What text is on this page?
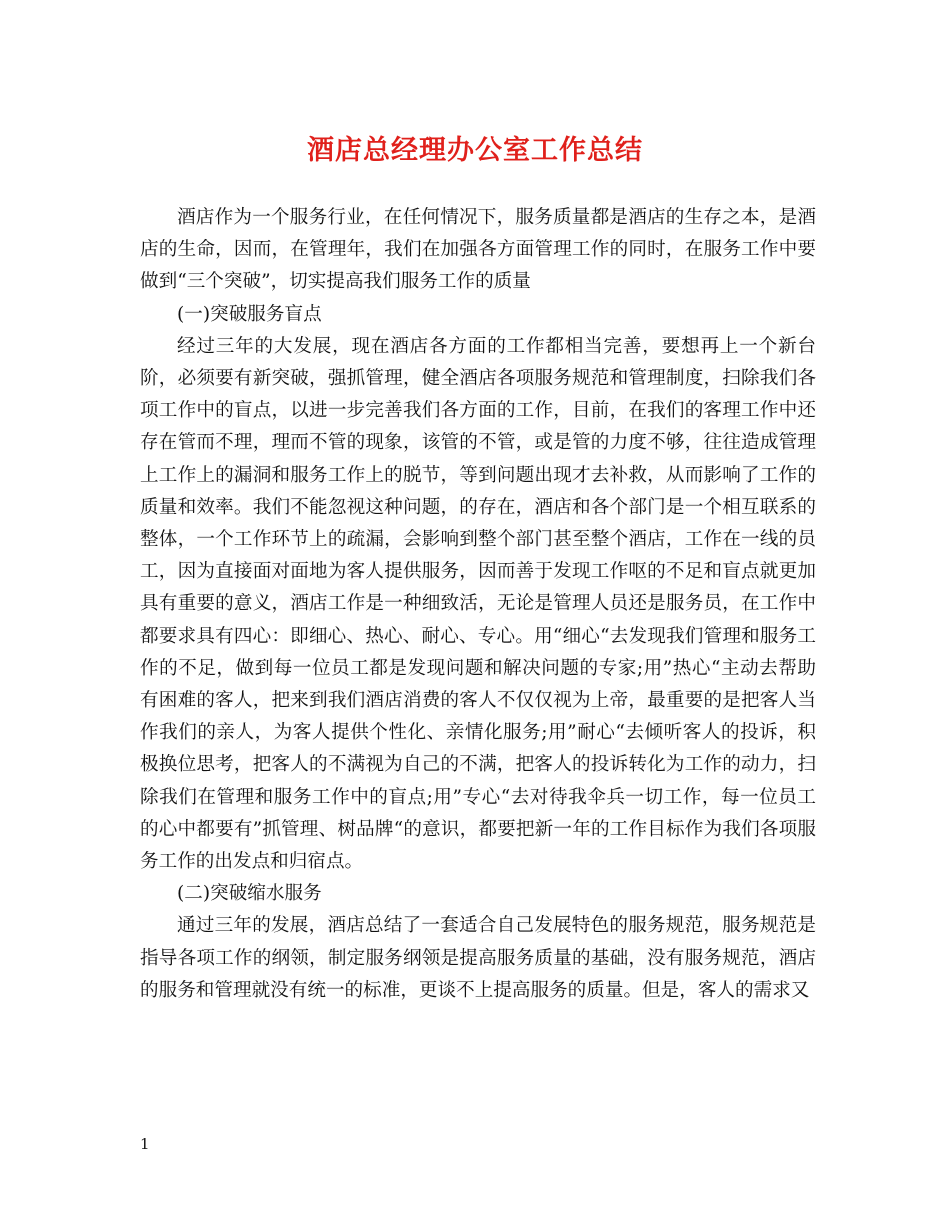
酒店总经理办公室工作总结

酒店作为一个服务行业，在任何情况下，服务质量都是酒店的生存之本，是酒店的生命，因而，在管理年，我们在加强各方面管理工作的同时，在服务工作中要做到“三个突破”，切实提高我们服务工作的质量

(一)突破服务盲点

经过三年的大发展，现在酒店各方面的工作都相当完善，要想再上一个新台阶，必须要有新突破，强抓管理，健全酒店各项服务规范和管理制度，扫除我们各项工作中的盲点，以进一步完善我们各方面的工作，目前，在我们的客理工作中还存在管而不理，理而不管的现象，该管的不管，或是管的力度不够，往往造成管理上工作上的漏洞和服务工作上的脱节，等到问题出现才去补救，从而影响了工作的质量和效率。我们不能忽视这种问题，的存在，酒店和各个部门是一个相互联系的整体，一个工作环节上的疏漏，会影响到整个部门甚至整个酒店，工作在一线的员工，因为直接面对面地为客人提供服务，因而善于发现工作呕的不足和盲点就更加具有重要的意义，酒店工作是一种细致活，无论是管理人员还是服务员，在工作中都要求具有四心：即细心、热心、耐心、专心。用“细心“去发现我们管理和服务工作的不足，做到每一位员工都是发现问题和解决问题的专家;用”热心“主动去帮助有困难的客人，把来到我们酒店消费的客人不仅仅视为上帝，最重要的是把客人当作我们的亲人，为客人提供个性化、亲情化服务;用”耐心“去倾听客人的投诉，积极换位思考，把客人的不满视为自己的不满，把客人的投诉转化为工作的动力，扫除我们在管理和服务工作中的盲点;用”专心“去对待我伞兵一切工作，每一位员工的心中都要有”抓管理、树品牌“的意识，都要把新一年的工作目标作为我们各项服务工作的出发点和归宿点。

(二)突破缩水服务

通过三年的发展，酒店总结了一套适合自己发展特色的服务规范，服务规范是指导各项工作的纲领，制定服务纲领是提高服务质量的基础，没有服务规范，酒店的服务和管理就没有统一的标准，更谈不上提高服务的质量。但是，客人的需求又

1
